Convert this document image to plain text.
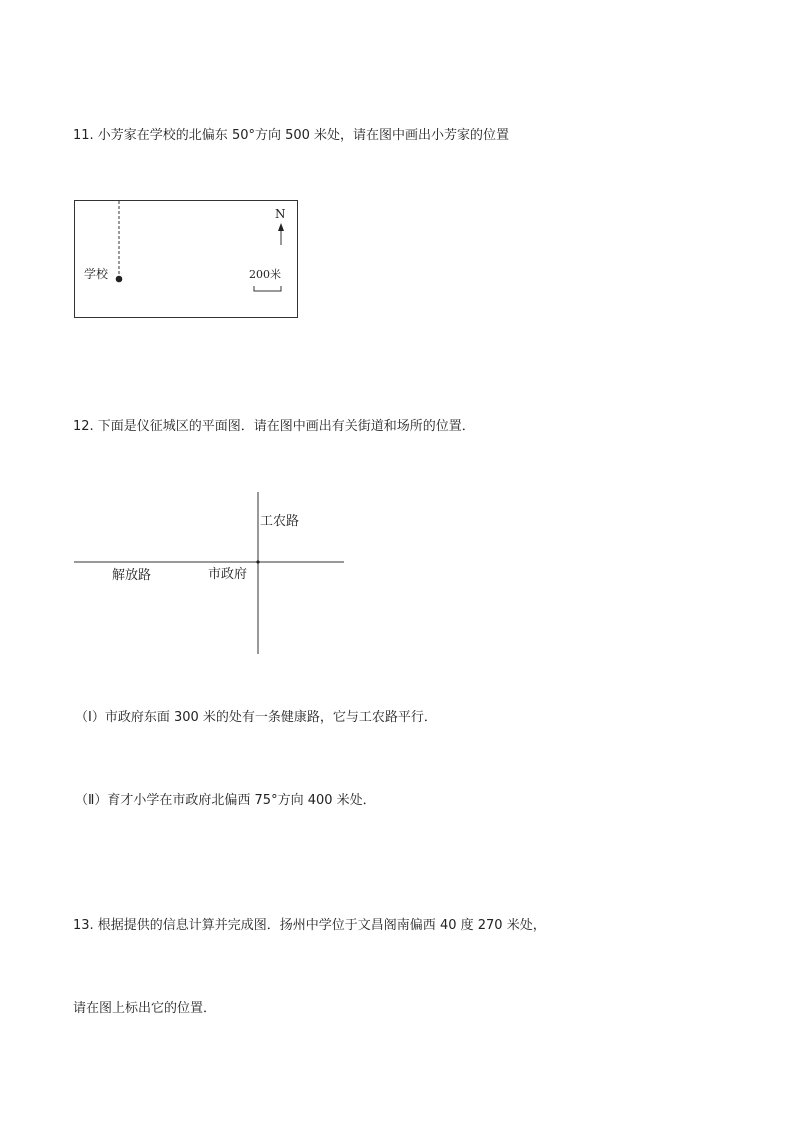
11. 小芳家在学校的北偏东 50°方向 500 米处，请在图中画出小芳家的位置
学校
N
200米
12. 下面是仪征城区的平面图．请在图中画出有关街道和场所的位置．
工农路
解放路	市政府
（Ⅰ）市政府东面 300 米的处有一条健康路，它与工农路平行．
（Ⅱ）育才小学在市政府北偏西 75°方向 400 米处．
13. 根据提供的信息计算并完成图．扬州中学位于文昌阁南偏西 40 度 270 米处，
请在图上标出它的位置．
